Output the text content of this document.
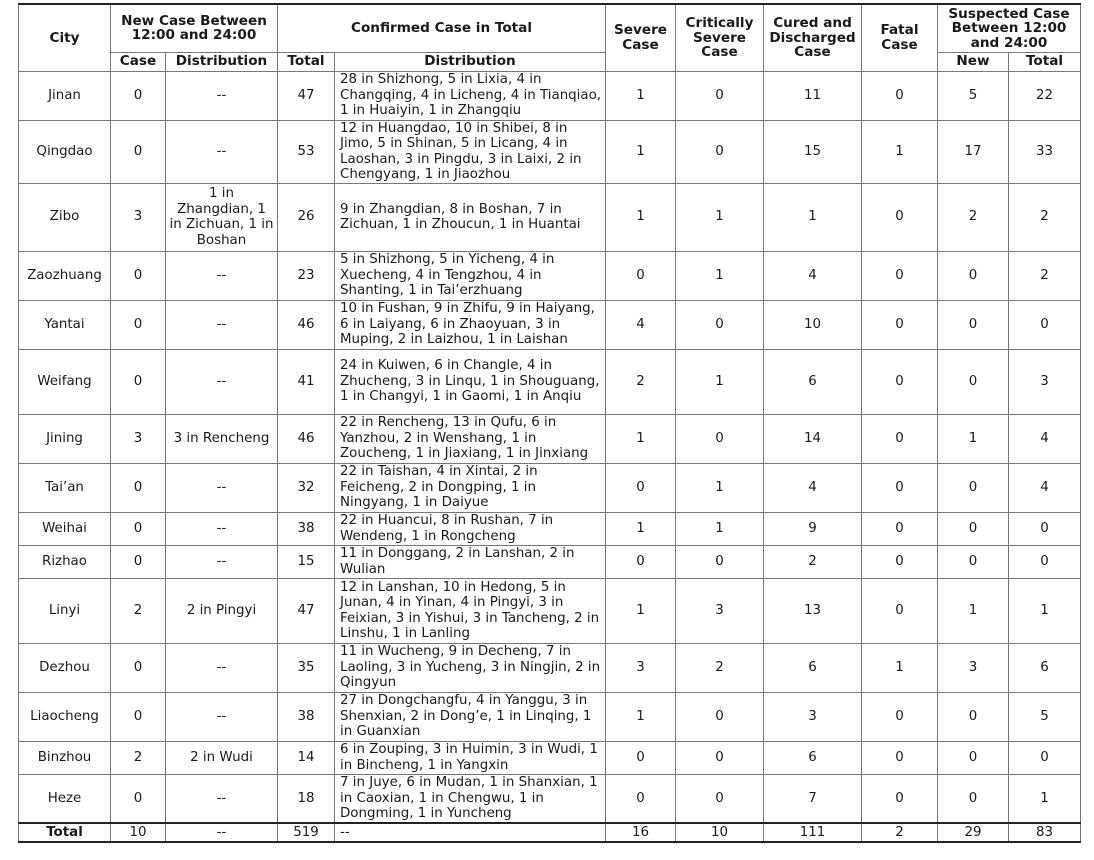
City	New Case Between 12:00 and 24:00		Confirmed Case in Total		Severe Case	Critically Severe Case	Cured and Discharged Case	Fatal Case	Suspected Case Between 12:00 and 24:00	
	Case	Distribution	Total	Distribution					New	Total
Jinan	0	--	47	28 in Shizhong, 5 in Lixia, 4 in Changqing, 4 in Licheng, 4 in Tianqiao, 1 in Huaiyin, 1 in Zhangqiu	1	0	11	0	5	22
Qingdao	0	--	53	12 in Huangdao, 10 in Shibei, 8 in Jimo, 5 in Shinan, 5 in Licang, 4 in Laoshan, 3 in Pingdu, 3 in Laixi, 2 in Chengyang, 1 in Jiaozhou	1	0	15	1	17	33
Zibo	3	1 in Zhangdian, 1 in Zichuan, 1 in Boshan	26	9 in Zhangdian, 8 in Boshan, 7 in Zichuan, 1 in Zhoucun, 1 in Huantai	1	1	1	0	2	2
Zaozhuang	0	--	23	5 in Shizhong, 5 in Yicheng, 4 in Xuecheng, 4 in Tengzhou, 4 in Shanting, 1 in Tai’erzhuang	0	1	4	0	0	2
Yantai	0	--	46	10 in Fushan, 9 in Zhifu, 9 in Haiyang, 6 in Laiyang, 6 in Zhaoyuan, 3 in Muping, 2 in Laizhou, 1 in Laishan	4	0	10	0	0	0
Weifang	0	--	41	24 in Kuiwen, 6 in Changle, 4 in Zhucheng, 3 in Linqu, 1 in Shouguang, 1 in Changyi, 1 in Gaomi, 1 in Anqiu	2	1	6	0	0	3
Jining	3	3 in Rencheng	46	22 in Rencheng, 13 in Qufu, 6 in Yanzhou, 2 in Wenshang, 1 in Zoucheng, 1 in Jiaxiang, 1 in Jinxiang	1	0	14	0	1	4
Tai’an	0	--	32	22 in Taishan, 4 in Xintai, 2 in Feicheng, 2 in Dongping, 1 in Ningyang, 1 in Daiyue	0	1	4	0	0	4
Weihai	0	--	38	22 in Huancui, 8 in Rushan, 7 in Wendeng, 1 in Rongcheng	1	1	9	0	0	0
Rizhao	0	--	15	11 in Donggang, 2 in Lanshan, 2 in Wulian	0	0	2	0	0	0
Linyi	2	2 in Pingyi	47	12 in Lanshan, 10 in Hedong, 5 in Junan, 4 in Yinan, 4 in Pingyi, 3 in Feixian, 3 in Yishui, 3 in Tancheng, 2 in Linshu, 1 in Lanling	1	3	13	0	1	1
Dezhou	0	--	35	11 in Wucheng, 9 in Decheng, 7 in Laoling, 3 in Yucheng, 3 in Ningjin, 2 in Qingyun	3	2	6	1	3	6
Liaocheng	0	--	38	27 in Dongchangfu, 4 in Yanggu, 3 in Shenxian, 2 in Dong’e, 1 in Linqing, 1 in Guanxian	1	0	3	0	0	5
Binzhou	2	2 in Wudi	14	6 in Zouping, 3 in Huimin, 3 in Wudi, 1 in Bincheng, 1 in Yangxin	0	0	6	0	0	0
Heze	0	--	18	7 in Juye, 6 in Mudan, 1 in Shanxian, 1 in Caoxian, 1 in Chengwu, 1 in Dongming, 1 in Yuncheng	0	0	7	0	0	1
Total	10	--	519	--	16	10	111	2	29	83
